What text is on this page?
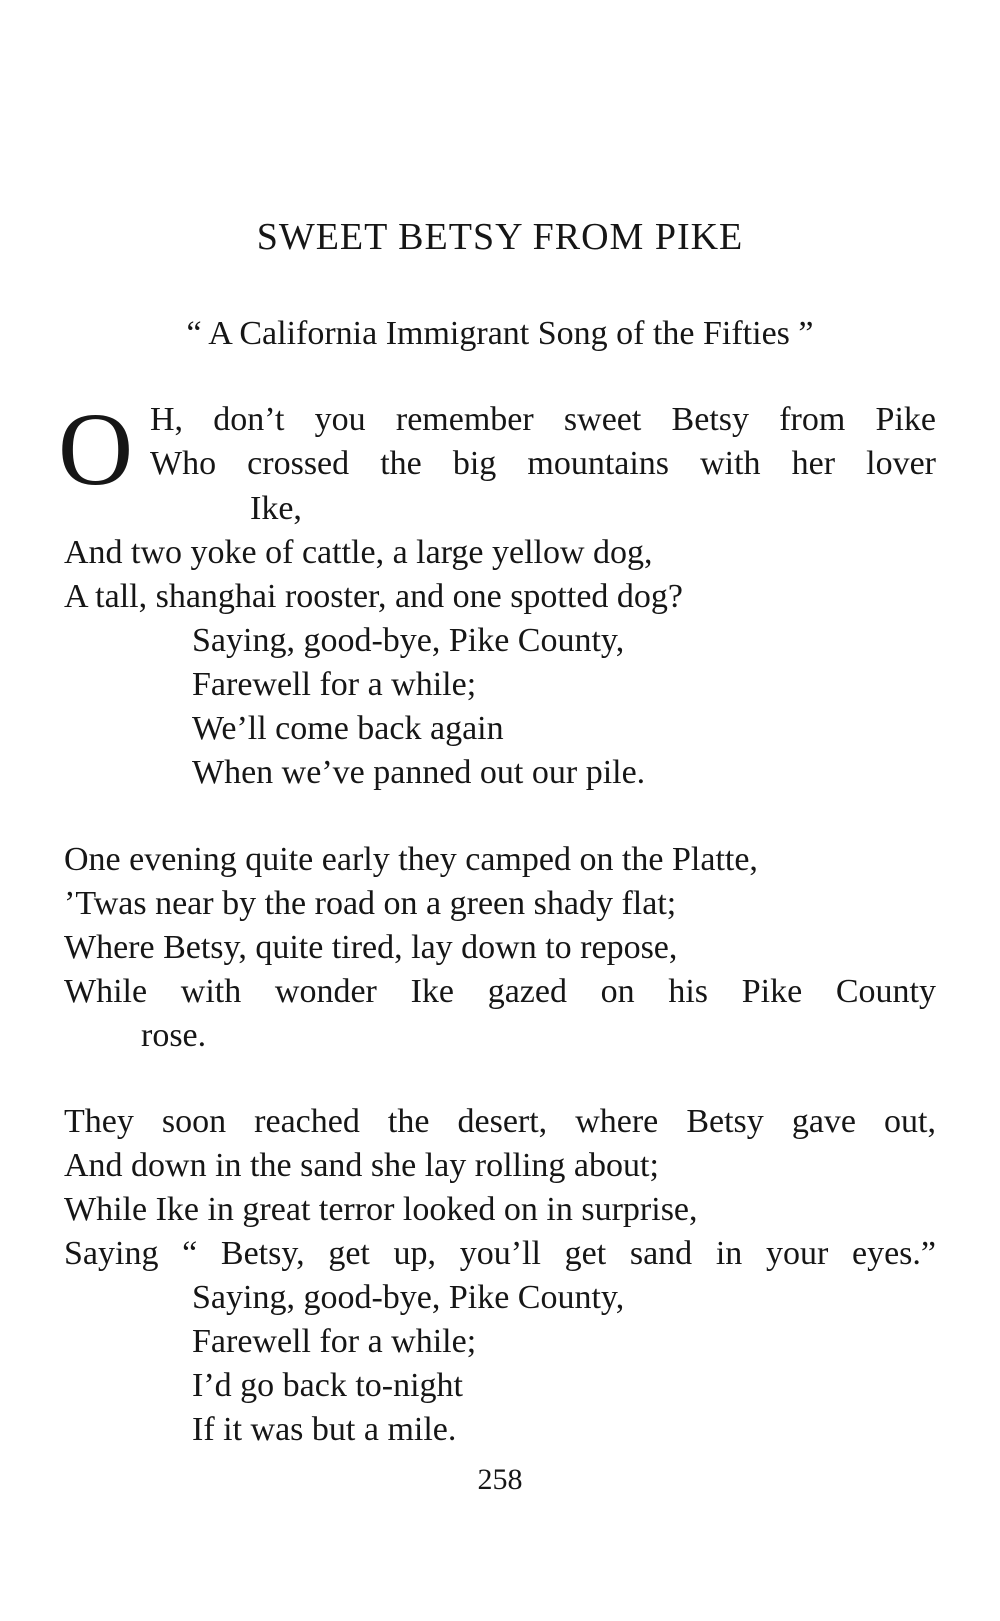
SWEET BETSY FROM PIKE
“ A California Immigrant Song of the Fifties ”
O H, don’t you remember sweet Betsy from Pike
Who crossed the big mountains with her lover
Ike,
And two yoke of cattle, a large yellow dog,
A tall, shanghai rooster, and one spotted dog?
Saying, good-bye, Pike County,
Farewell for a while;
We’ll come back again
When we’ve panned out our pile.
One evening quite early they camped on the Platte,
’Twas near by the road on a green shady flat;
Where Betsy, quite tired, lay down to repose,
While with wonder Ike gazed on his Pike County
rose.
They soon reached the desert, where Betsy gave out,
And down in the sand she lay rolling about;
While Ike in great terror looked on in surprise,
Saying “ Betsy, get up, you’ll get sand in your eyes.”
Saying, good-bye, Pike County,
Farewell for a while;
I’d go back to-night
If it was but a mile.
258
